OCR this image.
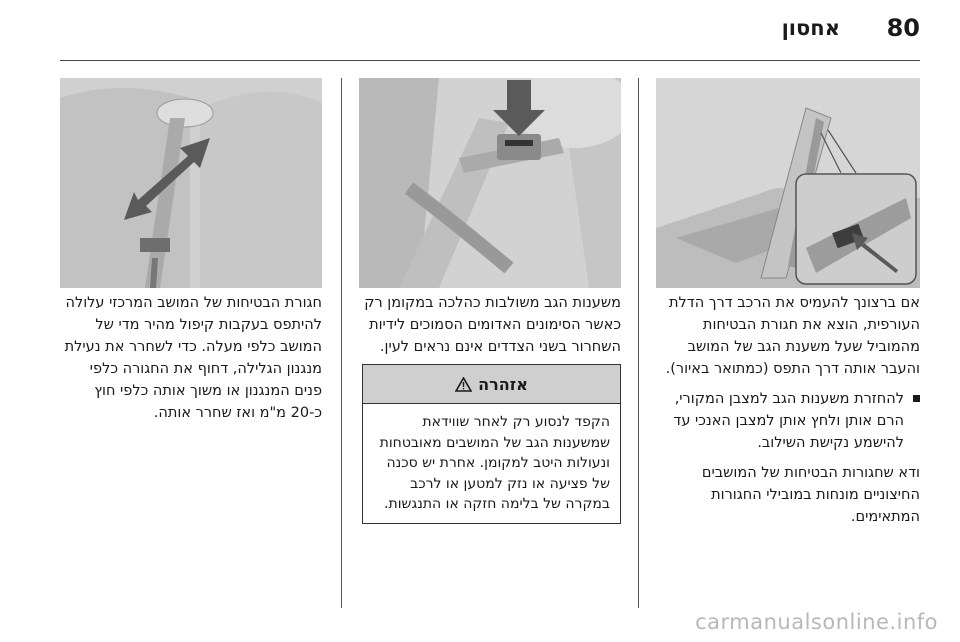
80
אחסון

אם ברצונך להעמיס את הרכב דרך הדלת העורפית, הוצא את חגורת הבטיחות מהמוביל שעל משענת הגב של המושב והעבר אותה דרך התפס (כמתואר באיור).

להחזרת משענות הגב למצבן המקורי, הרם אותן ולחץ אותן למצבן האנכי עד להישמע נקישת השילוב.

ודא שחגורות הבטיחות של המושבים החיצוניים מונחות במובילי החגורות המתאימים.

משענות הגב משולבות כהלכה במקומן רק כאשר הסימונים האדומים הסמוכים לידיות השחרור בשני הצדדים אינם נראים לעין.

אזהרה
הקפד לנסוע רק לאחר שווידאת שמשענות הגב של המושבים מאובטחות ונעולות היטב למקומן. אחרת יש סכנה של פציעה או נזק למטען או לרכב במקרה של בלימה חזקה או התנגשות.

חגורת הבטיחות של המושב המרכזי עלולה להיתפס בעקבות קיפול מהיר מדי של המושב כלפי מעלה. כדי לשחרר את נעילת מנגנון הגלילה, דחוף את החגורה כלפי פנים המנגנון או משוך אותה כלפי חוץ כ-20 מ"מ ואז שחרר אותה.

carmanualsonline.info
